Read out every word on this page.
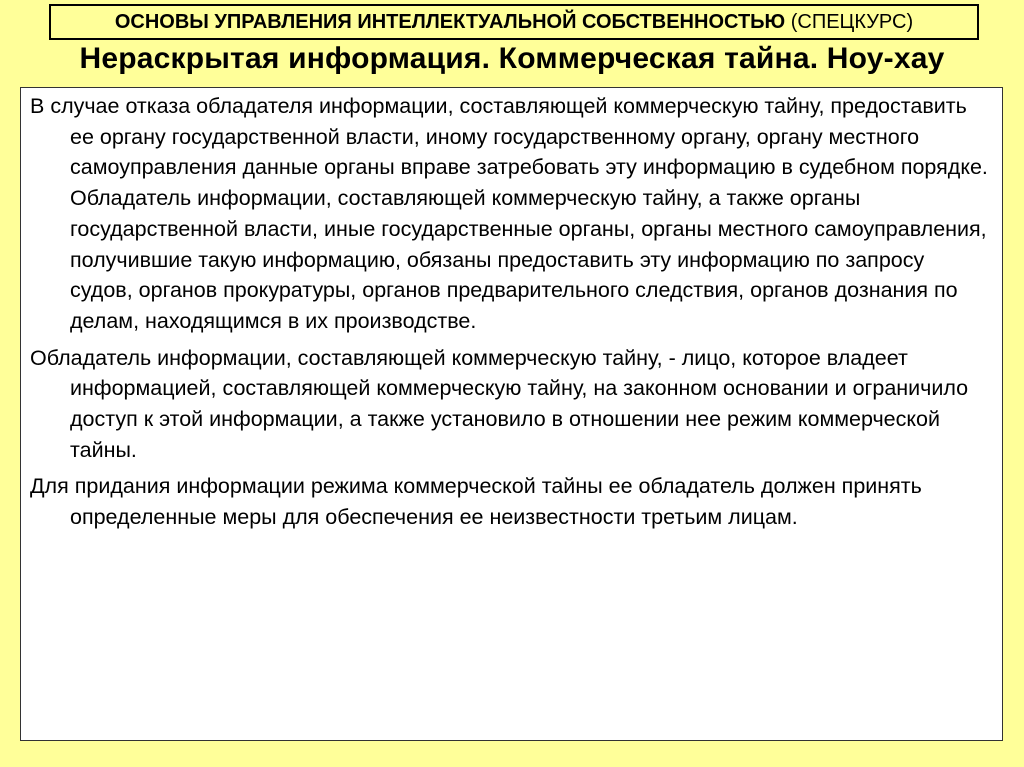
ОСНОВЫ УПРАВЛЕНИЯ ИНТЕЛЛЕКТУАЛЬНОЙ СОБСТВЕННОСТЬЮ (СПЕЦКУРС)
Нераскрытая информация. Коммерческая тайна. Ноу-хау

В случае отказа обладателя информации, составляющей коммерческую тайну, предоставить ее органу государственной власти, иному государственному органу, органу местного самоуправления данные органы вправе затребовать эту информацию в судебном порядке. Обладатель информации, составляющей коммерческую тайну, а также органы государственной власти, иные государственные органы, органы местного самоуправления, получившие такую информацию, обязаны предоставить эту информацию по запросу судов, органов прокуратуры, органов предварительного следствия, органов дознания по делам, находящимся в их производстве.

Обладатель информации, составляющей коммерческую тайну, - лицо, которое владеет информацией, составляющей коммерческую тайну, на законном основании и ограничило доступ к этой информации, а также установило в отношении нее режим коммерческой тайны.

Для придания информации режима коммерческой тайны ее обладатель должен принять определенные меры для обеспечения ее неизвестности третьим лицам.
